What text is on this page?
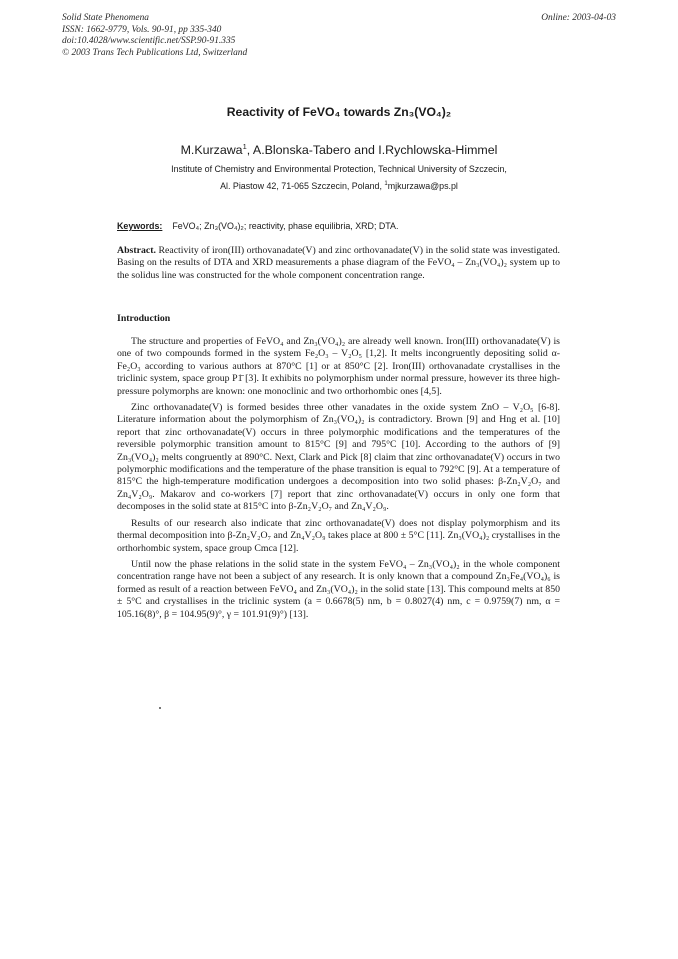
Solid State Phenomena
ISSN: 1662-9779, Vols. 90-91, pp 335-340
doi:10.4028/www.scientific.net/SSP.90-91.335
© 2003 Trans Tech Publications Ltd, Switzerland
Online: 2003-04-03
Reactivity of FeVO₄ towards Zn₃(VO₄)₂
M.Kurzawa$^1$, A.Blonska-Tabero and I.Rychlowska-Himmel
Institute of Chemistry and Environmental Protection, Technical University of Szczecin,
Al. Piastow 42, 71-065 Szczecin, Poland, $^1$mjkurzawa@ps.pl
Keywords: FeVO₄; Zn₃(VO₄)₂; reactivity, phase equilibria, XRD; DTA.
Abstract. Reactivity of iron(III) orthovanadate(V) and zinc orthovanadate(V) in the solid state was investigated. Basing on the results of DTA and XRD measurements a phase diagram of the FeVO₄ – Zn₃(VO₄)₂ system up to the solidus line was constructed for the whole component concentration range.
Introduction

The structure and properties of FeVO₄ and Zn₃(VO₄)₂ are already well known. Iron(III) orthovanadate(V) is one of two compounds formed in the system Fe₂O₃ – V₂O₅ [1,2]. It melts incongruently depositing solid α-Fe₂O₃ according to various authors at 870°C [1] or at 850°C [2]. Iron(III) orthovanadate crystallises in the triclinic system, space group P1̄ [3]. It exhibits no polymorphism under normal pressure, however its three high-pressure polymorphs are known: one monoclinic and two orthorhombic ones [4,5].

Zinc orthovanadate(V) is formed besides three other vanadates in the oxide system ZnO – V₂O₅ [6-8]. Literature information about the polymorphism of Zn₃(VO₄)₂ is contradictory. Brown [9] and Hng et al. [10] report that zinc orthovanadate(V) occurs in three polymorphic modifications and the temperatures of the reversible polymorphic transition amount to 815°C [9] and 795°C [10]. According to the authors of [9] Zn₃(VO₄)₂ melts congruently at 890°C. Next, Clark and Pick [8] claim that zinc orthovanadate(V) occurs in two polymorphic modifications and the temperature of the phase transition is equal to 792°C [9]. At a temperature of 815°C the high-temperature modification undergoes a decomposition into two solid phases: β-Zn₂V₂O₇ and Zn₄V₂O₉. Makarov and co-workers [7] report that zinc orthovanadate(V) occurs in only one form that decomposes in the solid state at 815°C into β-Zn₂V₂O₇ and Zn₄V₂O₉.

Results of our research also indicate that zinc orthovanadate(V) does not display polymorphism and its thermal decomposition into β-Zn₂V₂O₇ and Zn₄V₂O₉ takes place at 800 ± 5°C [11]. Zn₃(VO₄)₂ crystallises in the orthorhombic system, space group Cmca [12].

Until now the phase relations in the solid state in the system FeVO₄ – Zn₃(VO₄)₂ in the whole component concentration range have not been a subject of any research. It is only known that a compound Zn₃Fe₄(VO₄)₆ is formed as result of a reaction between FeVO₄ and Zn₃(VO₄)₂ in the solid state [13]. This compound melts at 850 ± 5°C and crystallises in the triclinic system (a = 0.6678(5) nm, b = 0.8027(4) nm, c = 0.9759(7) nm, α = 105.16(8)°, β = 104.95(9)°, γ = 101.91(9)°) [13].
